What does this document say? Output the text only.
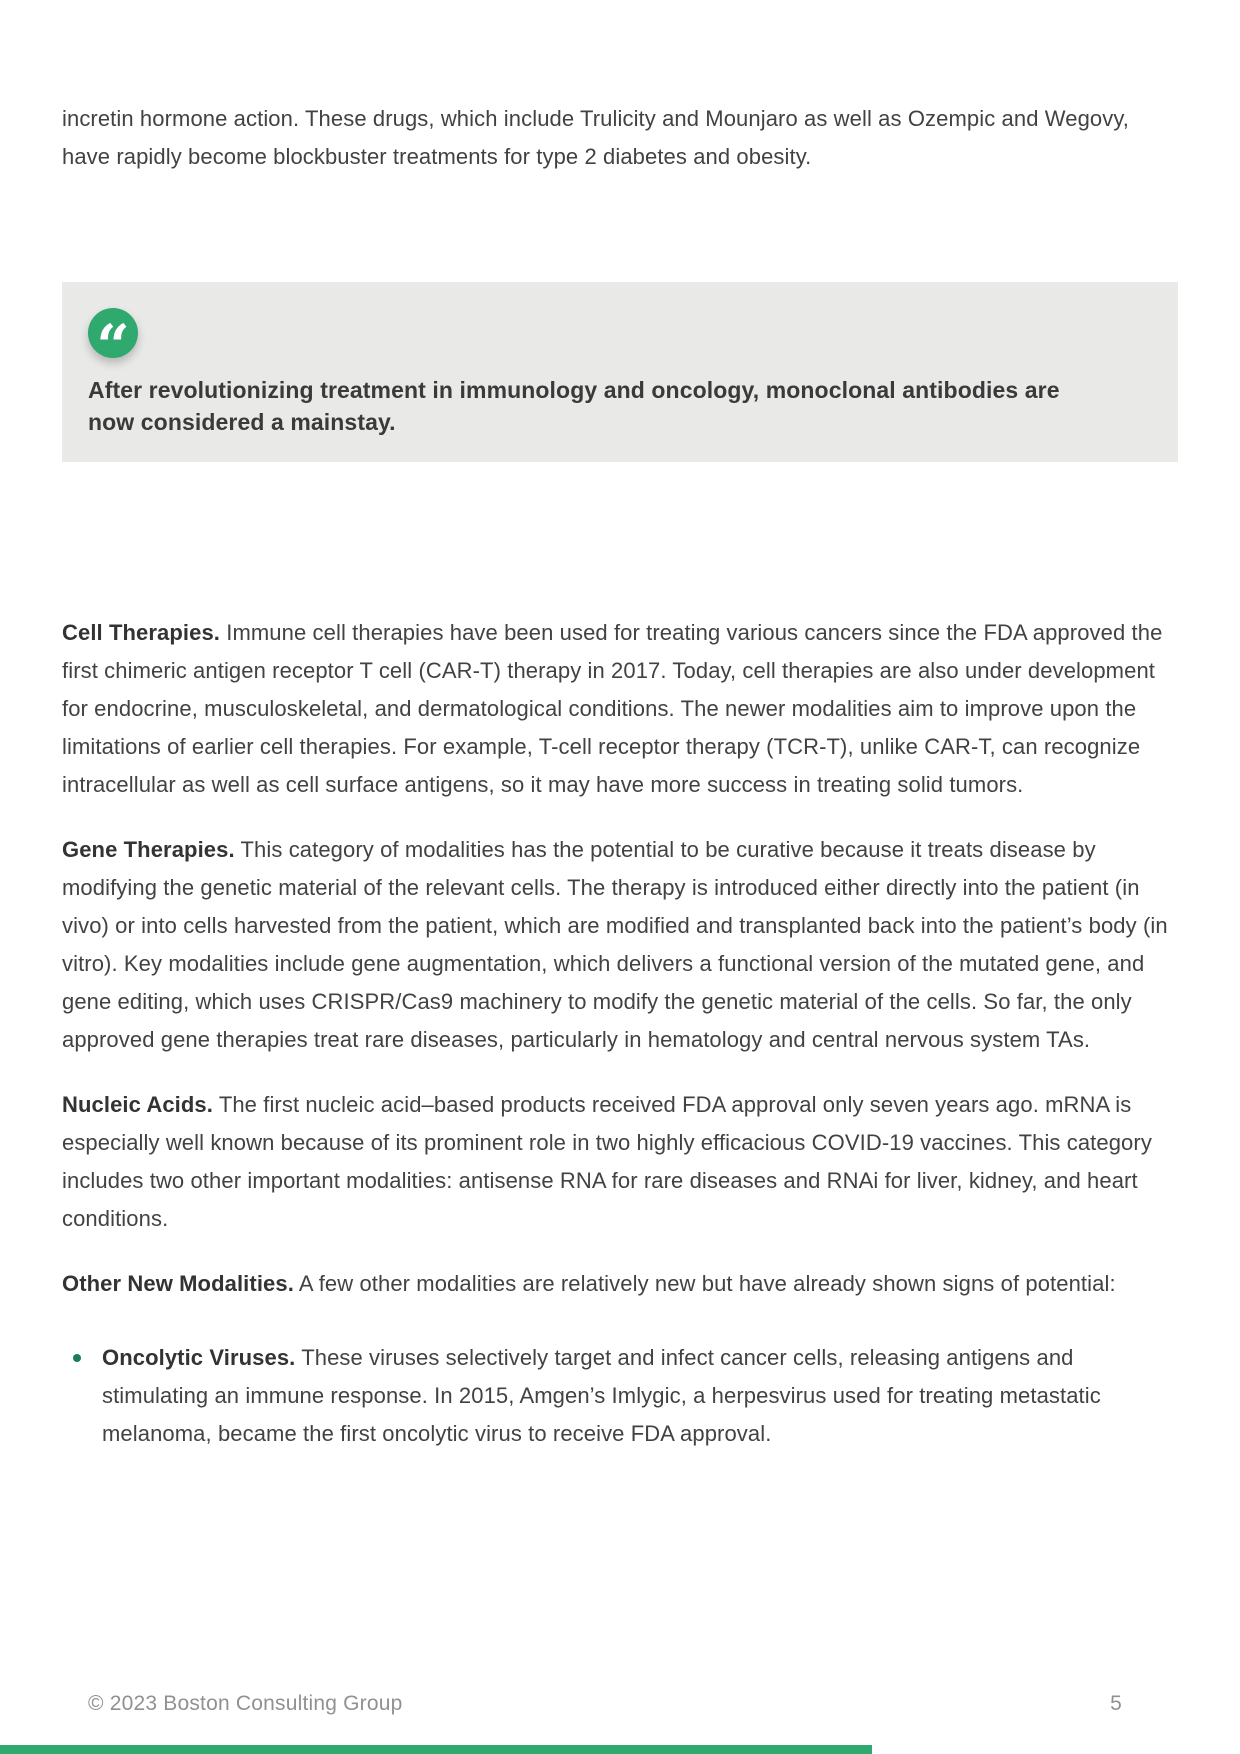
incretin hormone action. These drugs, which include Trulicity and Mounjaro as well as Ozempic and Wegovy, have rapidly become blockbuster treatments for type 2 diabetes and obesity.

“

After revolutionizing treatment in immunology and oncology, monoclonal antibodies are now considered a mainstay.

Cell Therapies. Immune cell therapies have been used for treating various cancers since the FDA approved the first chimeric antigen receptor T cell (CAR-T) therapy in 2017. Today, cell therapies are also under development for endocrine, musculoskeletal, and dermatological conditions. The newer modalities aim to improve upon the limitations of earlier cell therapies. For example, T-cell receptor therapy (TCR-T), unlike CAR-T, can recognize intracellular as well as cell surface antigens, so it may have more success in treating solid tumors.

Gene Therapies. This category of modalities has the potential to be curative because it treats disease by modifying the genetic material of the relevant cells. The therapy is introduced either directly into the patient (in vivo) or into cells harvested from the patient, which are modified and transplanted back into the patient’s body (in vitro). Key modalities include gene augmentation, which delivers a functional version of the mutated gene, and gene editing, which uses CRISPR/Cas9 machinery to modify the genetic material of the cells. So far, the only approved gene therapies treat rare diseases, particularly in hematology and central nervous system TAs.

Nucleic Acids. The first nucleic acid–based products received FDA approval only seven years ago. mRNA is especially well known because of its prominent role in two highly efficacious COVID-19 vaccines. This category includes two other important modalities: antisense RNA for rare diseases and RNAi for liver, kidney, and heart conditions.

Other New Modalities. A few other modalities are relatively new but have already shown signs of potential:

Oncolytic Viruses. These viruses selectively target and infect cancer cells, releasing antigens and stimulating an immune response. In 2015, Amgen’s Imlygic, a herpesvirus used for treating metastatic melanoma, became the first oncolytic virus to receive FDA approval.
© 2023 Boston Consulting Group	5
